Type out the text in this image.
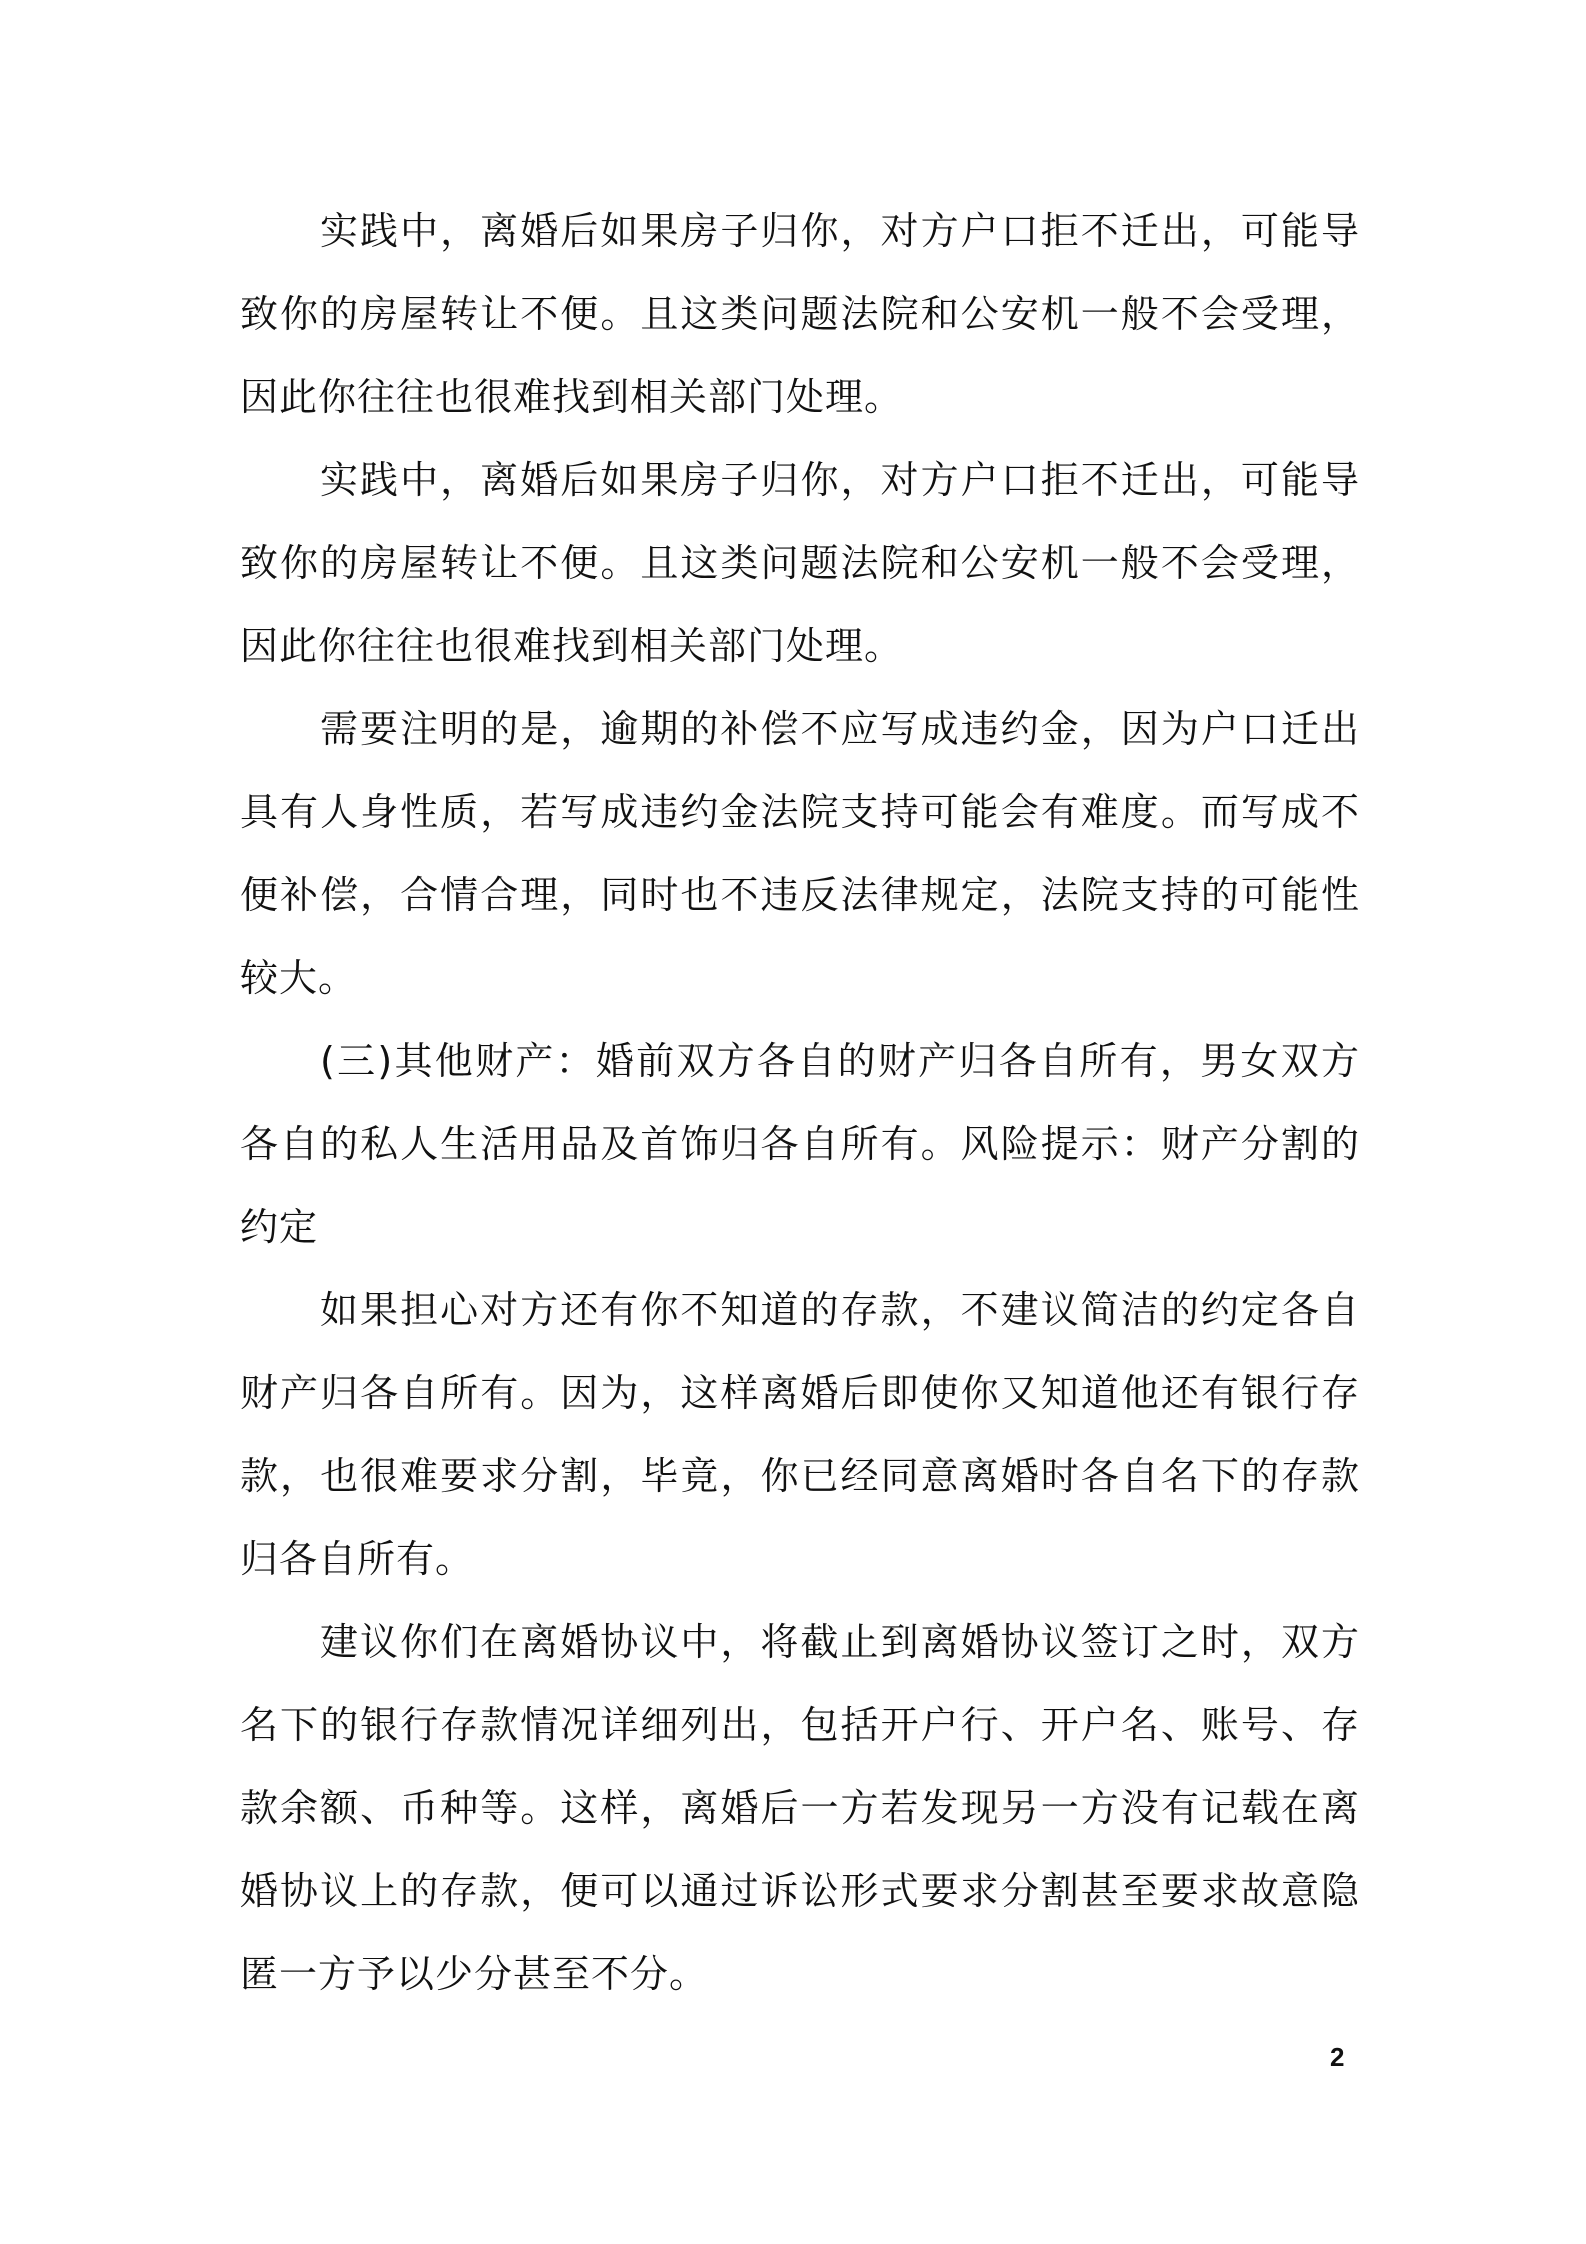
实践中，离婚后如果房子归你，对方户口拒不迁出，可能导致你的房屋转让不便。且这类问题法院和公安机一般不会受理，因此你往往也很难找到相关部门处理。

实践中，离婚后如果房子归你，对方户口拒不迁出，可能导致你的房屋转让不便。且这类问题法院和公安机一般不会受理，因此你往往也很难找到相关部门处理。

需要注明的是，逾期的补偿不应写成违约金，因为户口迁出具有人身性质，若写成违约金法院支持可能会有难度。而写成不便补偿，合情合理，同时也不违反法律规定，法院支持的可能性较大。

(三)其他财产：婚前双方各自的财产归各自所有，男女双方各自的私人生活用品及首饰归各自所有。风险提示：财产分割的约定

如果担心对方还有你不知道的存款，不建议简洁的约定各自财产归各自所有。因为，这样离婚后即使你又知道他还有银行存款，也很难要求分割，毕竟，你已经同意离婚时各自名下的存款归各自所有。

建议你们在离婚协议中，将截止到离婚协议签订之时，双方名下的银行存款情况详细列出，包括开户行、开户名、账号、存款余额、币种等。这样，离婚后一方若发现另一方没有记载在离婚协议上的存款，便可以通过诉讼形式要求分割甚至要求故意隐匿一方予以少分甚至不分。

2
